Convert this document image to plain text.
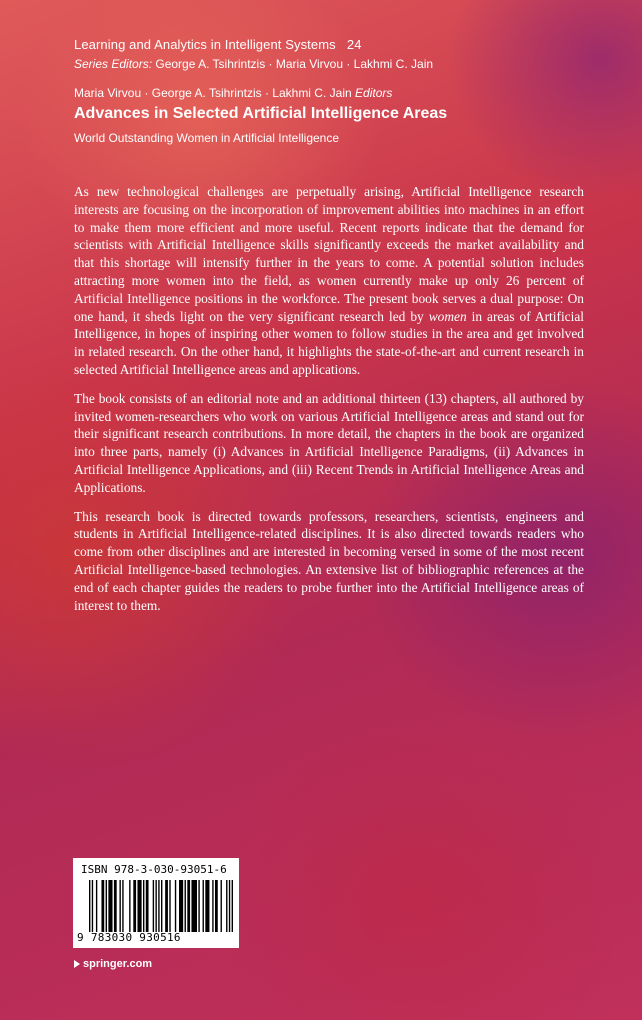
Learning and Analytics in Intelligent Systems 24
Series Editors: George A. Tsihrintzis · Maria Virvou · Lakhmi C. Jain
Maria Virvou · George A. Tsihrintzis · Lakhmi C. Jain Editors
Advances in Selected Artificial Intelligence Areas
World Outstanding Women in Artificial Intelligence

As new technological challenges are perpetually arising, Artificial Intelligence research interests are focusing on the incorporation of improvement abilities into machines in an effort to make them more efficient and more useful. Recent reports indicate that the demand for scientists with Artificial Intelligence skills significantly exceeds the market availability and that this shortage will intensify further in the years to come. A potential solution includes attracting more women into the field, as women currently make up only 26 percent of Artificial Intelligence positions in the workforce. The present book serves a dual purpose: On one hand, it sheds light on the very significant research led by women in areas of Artificial Intelligence, in hopes of inspiring other women to follow studies in the area and get involved in related research. On the other hand, it highlights the state-of-the-art and current research in selected Artificial Intelligence areas and applications.

The book consists of an editorial note and an additional thirteen (13) chapters, all authored by invited women-researchers who work on various Artificial Intelligence areas and stand out for their significant research contributions. In more detail, the chapters in the book are organized into three parts, namely (i) Advances in Artificial Intelligence Paradigms, (ii) Advances in Artificial Intelligence Applications, and (iii) Recent Trends in Artificial Intelligence Areas and Applications.

This research book is directed towards professors, researchers, scientists, engineers and students in Artificial Intelligence-related disciplines. It is also directed towards readers who come from other disciplines and are interested in becoming versed in some of the most recent Artificial Intelligence-based technologies. An extensive list of bibliographic references at the end of each chapter guides the readers to probe further into the Artificial Intelligence areas of interest to them.

ISBN 978-3-030-93051-6
9 783030 930516
springer.com
